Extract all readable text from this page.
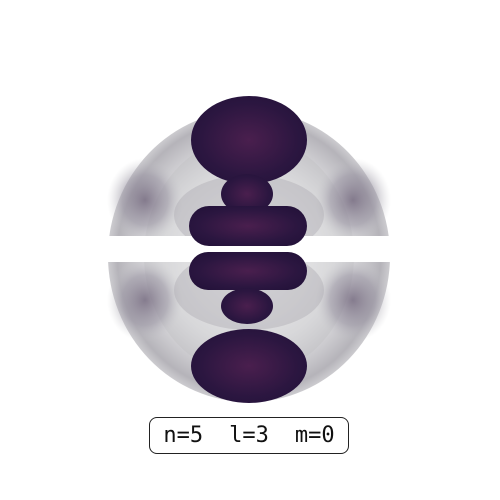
n=5 l=3 m=0
